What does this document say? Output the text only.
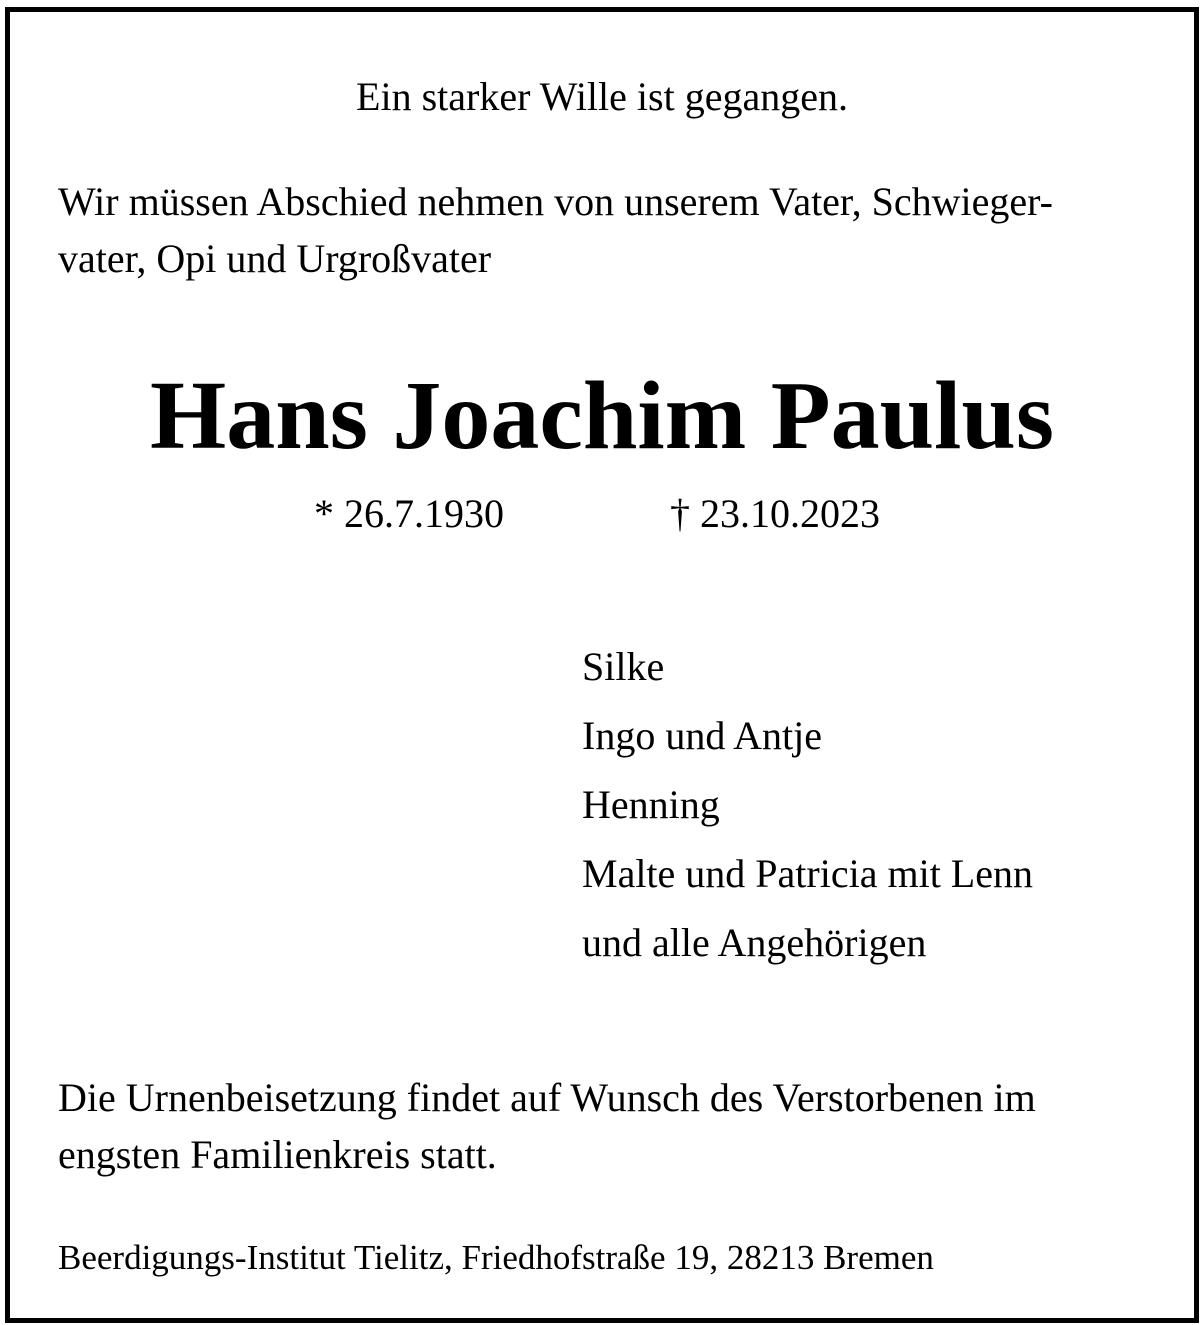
Ein starker Wille ist gegangen.

Wir müssen Abschied nehmen von unserem Vater, Schwieger-

vater, Opi und Urgroßvater

Hans Joachim Paulus

* 26.7.1930	† 23.10.2023

Silke

Ingo und Antje

Henning

Malte und Patricia mit Lenn

und alle Angehörigen

Die Urnenbeisetzung findet auf Wunsch des Verstorbenen im

engsten Familienkreis statt.

Beerdigungs-Institut Tielitz, Friedhofstraße 19, 28213 Bremen
